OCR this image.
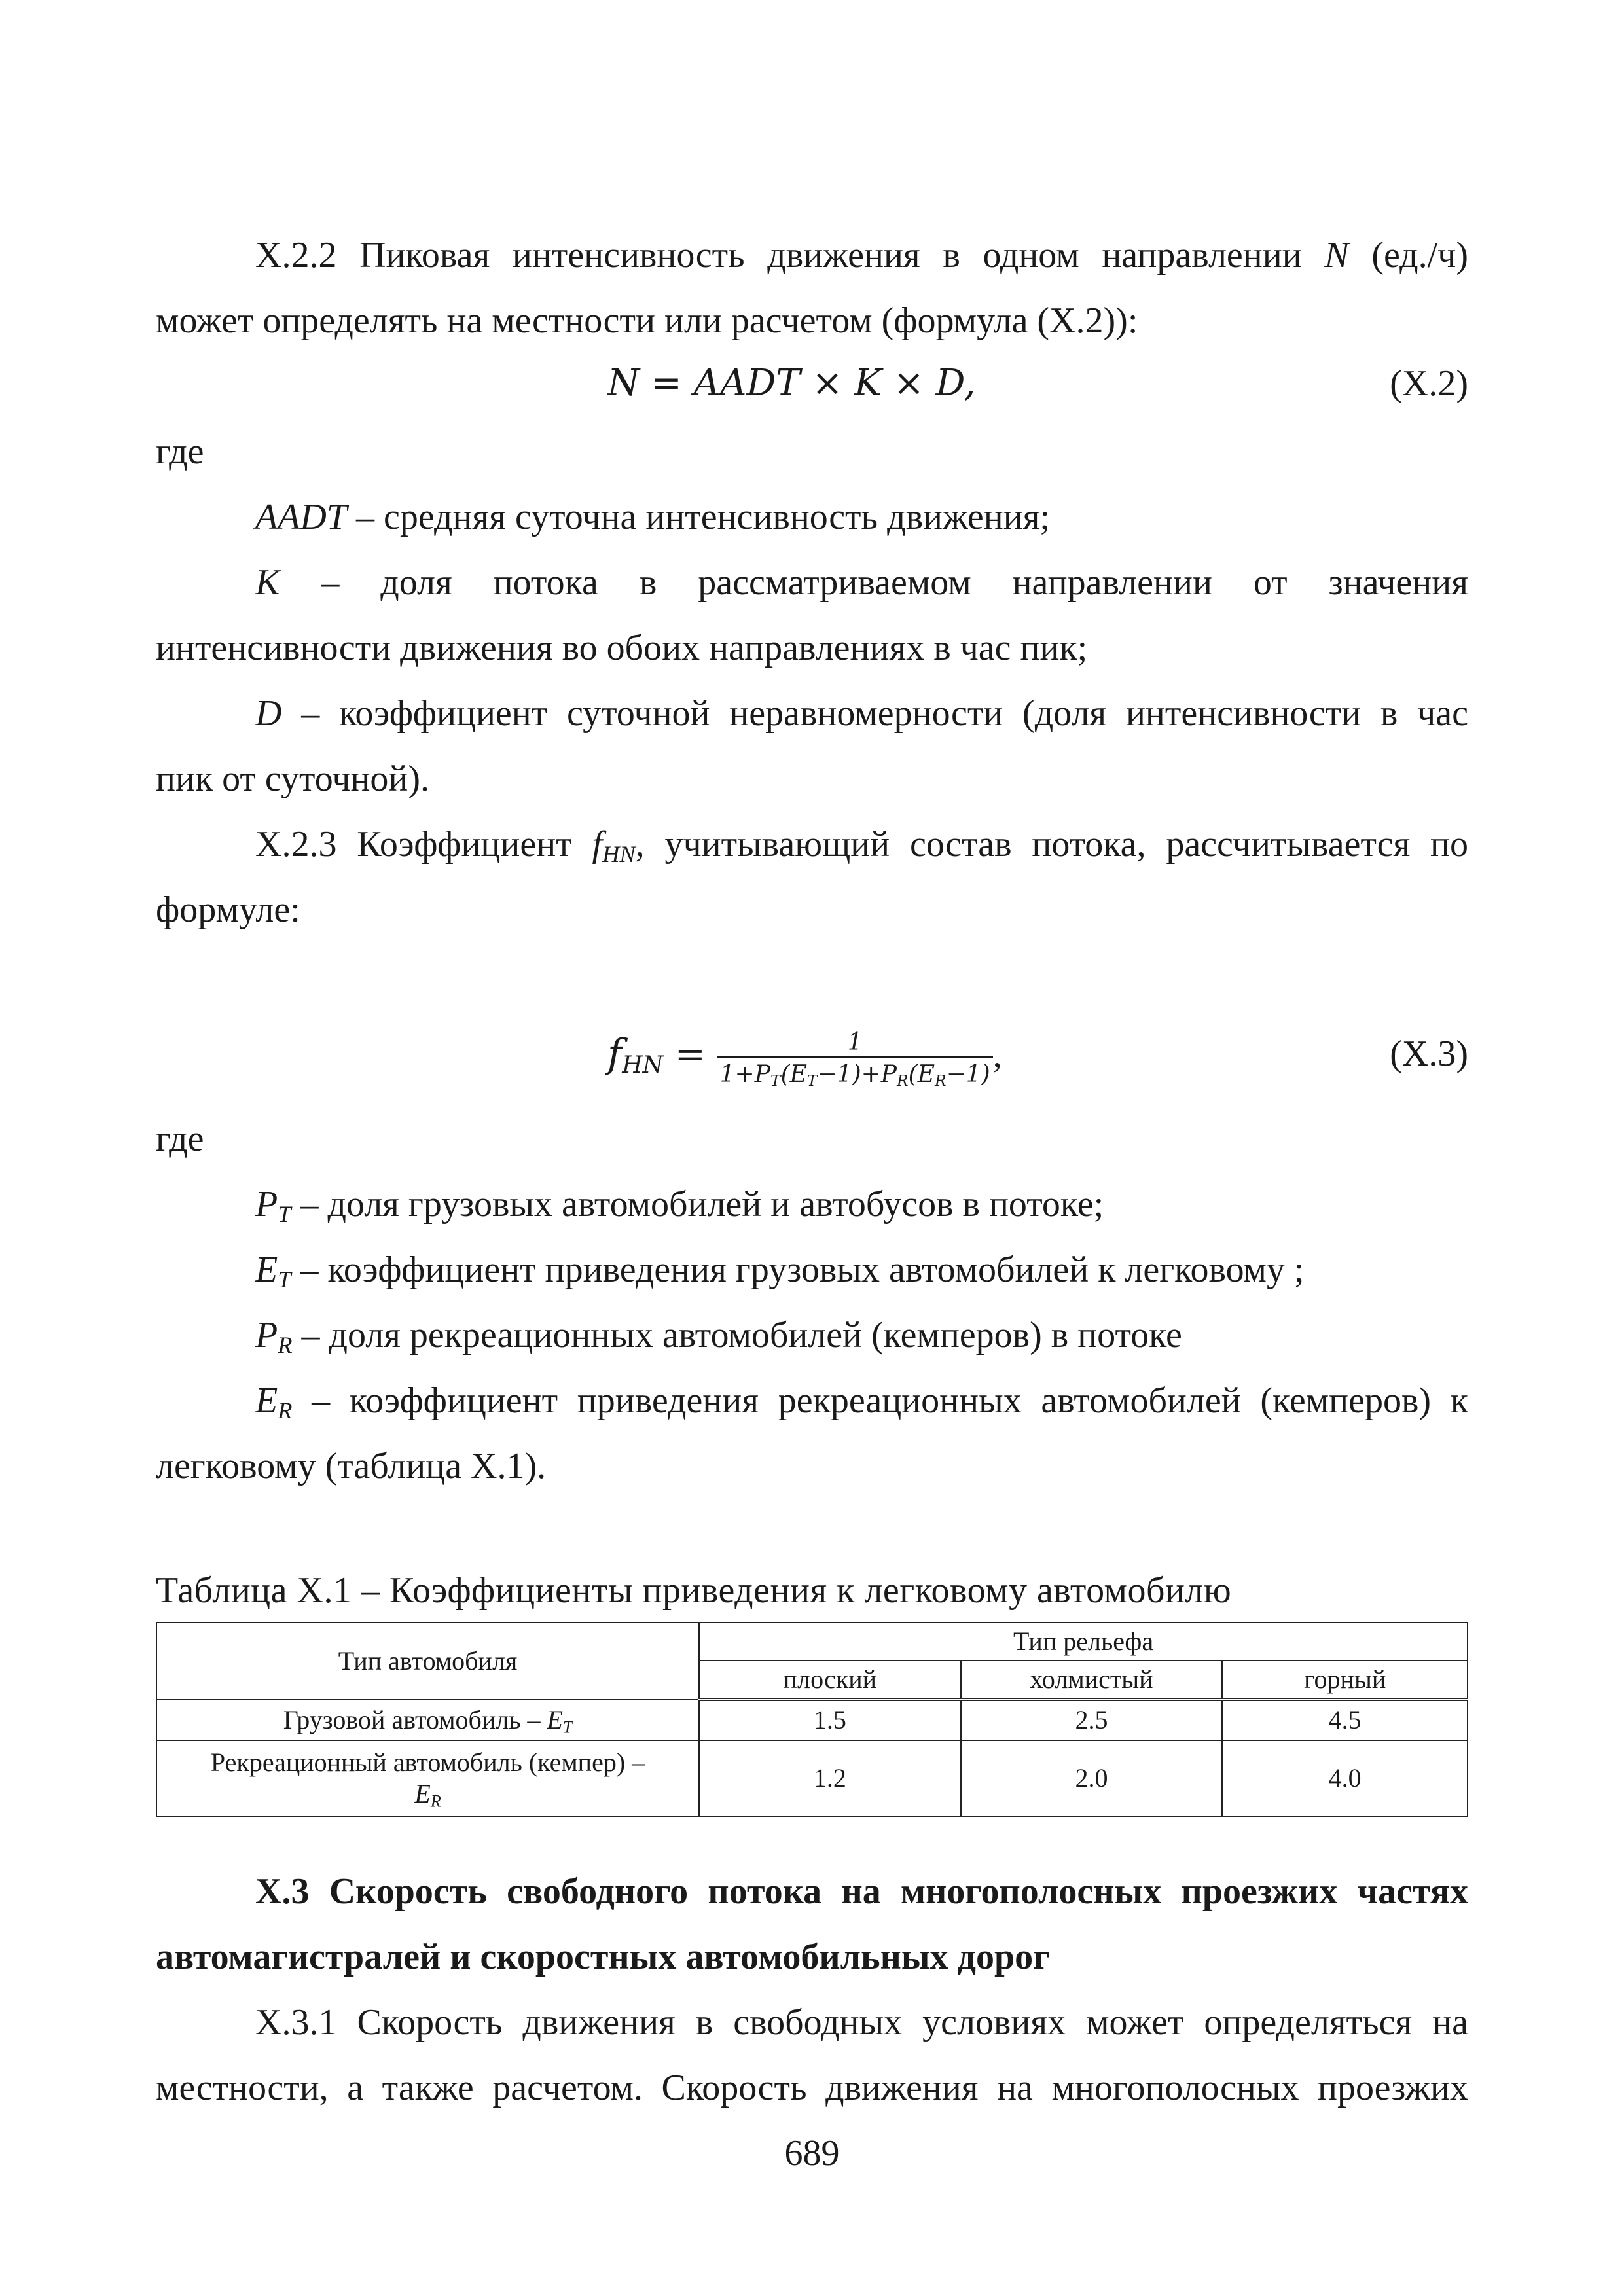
X.2.2 Пиковая интенсивность движения в одном направлении N (ед./ч)

может определять на местности или расчетом (формула (X.2)):

N = AADT × K × D,	(X.2)

где

AADT – средняя суточна интенсивность движения;

K – доля потока в рассматриваемом направлении от значения

интенсивности движения во обоих направлениях в час пик;

D – коэффициент суточной неравномерности (доля интенсивности в час

пик от суточной).

X.2.3 Коэффициент $f_{HN}$, учитывающий состав потока, рассчитывается по

формуле:

$f_{HN} = \frac{1}{1+P_T(E_T-1)+P_R(E_R-1)}$ ,	(X.3)

где

$P_T$ – доля грузовых автомобилей и автобусов в потоке;

$E_T$ – коэффициент приведения грузовых автомобилей к легковому ;

$P_R$ – доля рекреационных автомобилей (кемперов) в потоке

$E_R$ – коэффициент приведения рекреационных автомобилей (кемперов) к

легковому (таблица X.1).

Таблица X.1 – Коэффициенты приведения к легковому автомобилю
Тип автомобиля	Тип рельефа		
	плоский	холмистый	горный
Грузовой автомобиль – $E_T$	1.5	2.5	4.5
Рекреационный автомобиль (кемпер) –
$E_R$	1.2	2.0	4.0

X.3 Скорость свободного потока на многополосных проезжих частях

автомагистралей и скоростных автомобильных дорог

X.3.1 Скорость движения в свободных условиях может определяться на

местности, а также расчетом. Скорость движения на многополосных проезжих

689
